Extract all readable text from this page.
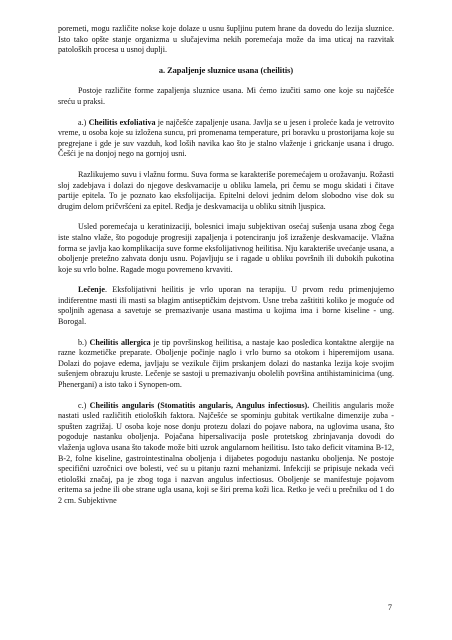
poremeti, mogu različite nokse koje dolaze u usnu šupljinu putem hrane da dovedu do lezija sluznice. Isto tako opšte stanje organizma u slučajevima nekih poremećaja može da ima uticaj na razvitak patoloških procesa u usnoj duplji.

a. Zapaljenje sluznice usana (cheilitis)

Postoje različite forme zapaljenja sluznice usana. Mi ćemo izučiti samo one koje su najčešće sreću u praksi.

a.) Cheilitis exfoliativa je najčešće zapaljenje usana. Javlja se u jesen i proleće kada je vetrovito vreme, u osoba koje su izložena suncu, pri promenama temperature, pri boravku u prostorijama koje su pregrejane i gde je suv vazduh, kod loših navika kao što je stalno vlaženje i grickanje usana i drugo. Češći je na donjoj nego na gornjoj usni.

Razlikujemo suvu i vlažnu formu. Suva forma se karakteriše poremećajem u orožavanju. Rožasti sloj zadebjava i dolazi do njegove deskvamacije u obliku lamela, pri čemu se mogu skidati i čitave partije epitela. To je poznato kao eksfolijacija. Epitelni delovi jednim delom slobodno vise dok su drugim delom pričvršćeni za epitel. Ređja je deskvamacija u obliku sitnih ljuspica.

Usled poremećaja u keratinizaciji, bolesnici imaju subjektivan osećaj sušenja usana zbog čega iste stalno vlaže, što pogoduje progresiji zapaljenja i potenciranju još izraženje deskvamacije. Vlažna forma se javlja kao komplikacija suve forme eksfolijativnog heilitisa. Nju karakteriše uvećanje usana, a oboljenje pretežno zahvata donju usnu. Pojavljuju se i ragade u obliku površnih ili dubokih pukotina koje su vrlo bolne. Ragade mogu povremeno krvaviti.

Lečenje. Eksfolijativni heilitis je vrlo uporan na terapiju. U prvom redu primenjujemo indiferentne masti ili masti sa blagim antiseptičkim dejstvom. Usne treba zaštititi koliko je moguće od spoljnih agenasa a savetuje se premazivanje usana mastima u kojima ima i borne kiseline - ung. Borogal.

b.) Cheilitis allergica je tip površinskog heilitisa, a nastaje kao posledica kontaktne alergije na razne kozmetičke preparate. Oboljenje počinje naglo i vrlo burno sa otokom i hiperemijom usana. Dolazi do pojave edema, javljaju se vezikule čijim prskanjem dolazi do nastanka lezija koje svojim sušenjem obrazuju kruste. Lečenje se sastoji u premazivanju obolelih površina antihistaminicima (ung. Phenergani) a isto tako i Synopen-om.

c.) Cheilitis angularis (Stomatitis angularis, Angulus infectiosus). Cheilitis angularis može nastati usled različitih etioloških faktora. Najčešće se spominju gubitak vertikalne dimenzije zuba - spušten zagrižaj. U osoba koje nose donju protezu dolazi do pojave nabora, na uglovima usana, što pogoduje nastanku oboljenja. Pojačana hipersalivacija posle protetskog zbrinjavanja dovodi do vlaženja uglova usana što takođe može biti uzrok angularnom heilitisu. Isto tako deficit vitamina B-12, B-2, folne kiseline, gastrointestinalna oboljenja i dijabetes pogoduju nastanku oboljenja. Ne postoje specifični uzročnici ove bolesti, već su u pitanju razni mehanizmi. Infekciji se pripisuje nekada veći etiološki značaj, pa je zbog toga i nazvan angulus infectiosus. Oboljenje se manifestuje pojavom eritema sa jedne ili obe strane ugla usana, koji se širi prema koži lica. Retko je veći u prečniku od 1 do 2 cm. Subjektivne

7
